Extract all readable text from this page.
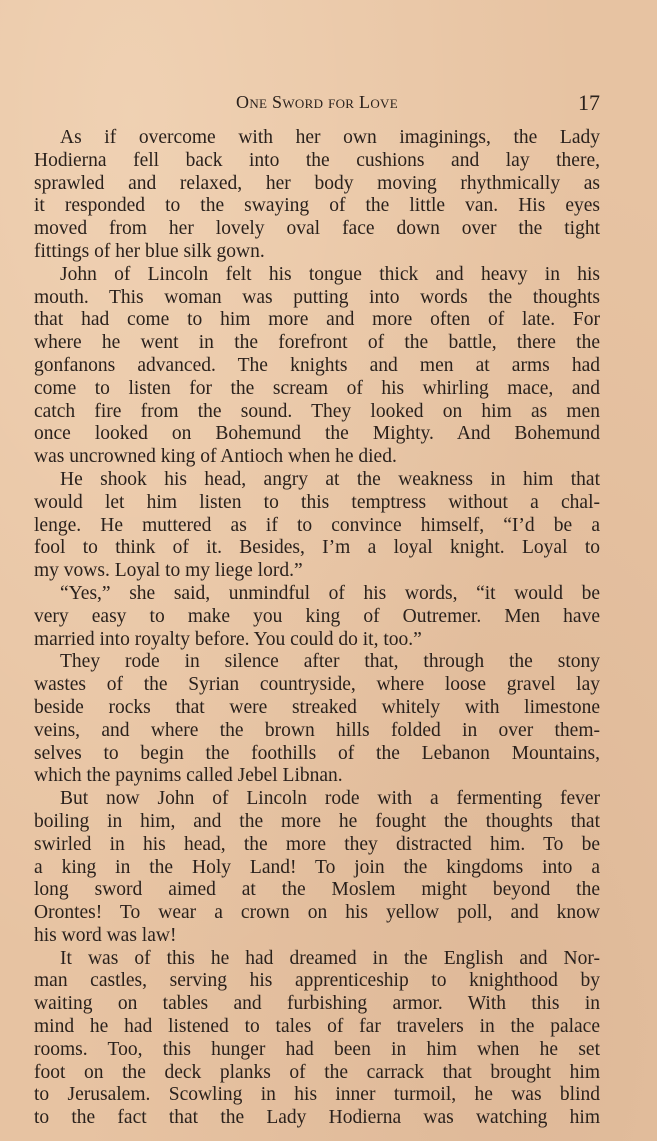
One Sword for Love	17
As if overcome with her own imaginings, the Lady
Hodierna fell back into the cushions and lay there,
sprawled and relaxed, her body moving rhythmically as
it responded to the swaying of the little van. His eyes
moved from her lovely oval face down over the tight
fittings of her blue silk gown.
John of Lincoln felt his tongue thick and heavy in his
mouth. This woman was putting into words the thoughts
that had come to him more and more often of late. For
where he went in the forefront of the battle, there the
gonfanons advanced. The knights and men at arms had
come to listen for the scream of his whirling mace, and
catch fire from the sound. They looked on him as men
once looked on Bohemund the Mighty. And Bohemund
was uncrowned king of Antioch when he died.
He shook his head, angry at the weakness in him that
would let him listen to this temptress without a chal-
lenge. He muttered as if to convince himself, “I’d be a
fool to think of it. Besides, I’m a loyal knight. Loyal to
my vows. Loyal to my liege lord.”
“Yes,” she said, unmindful of his words, “it would be
very easy to make you king of Outremer. Men have
married into royalty before. You could do it, too.”
They rode in silence after that, through the stony
wastes of the Syrian countryside, where loose gravel lay
beside rocks that were streaked whitely with limestone
veins, and where the brown hills folded in over them-
selves to begin the foothills of the Lebanon Mountains,
which the paynims called Jebel Libnan.
But now John of Lincoln rode with a fermenting fever
boiling in him, and the more he fought the thoughts that
swirled in his head, the more they distracted him. To be
a king in the Holy Land! To join the kingdoms into a
long sword aimed at the Moslem might beyond the
Orontes! To wear a crown on his yellow poll, and know
his word was law!
It was of this he had dreamed in the English and Nor-
man castles, serving his apprenticeship to knighthood by
waiting on tables and furbishing armor. With this in
mind he had listened to tales of far travelers in the palace
rooms. Too, this hunger had been in him when he set
foot on the deck planks of the carrack that brought him
to Jerusalem. Scowling in his inner turmoil, he was blind
to the fact that the Lady Hodierna was watching him
